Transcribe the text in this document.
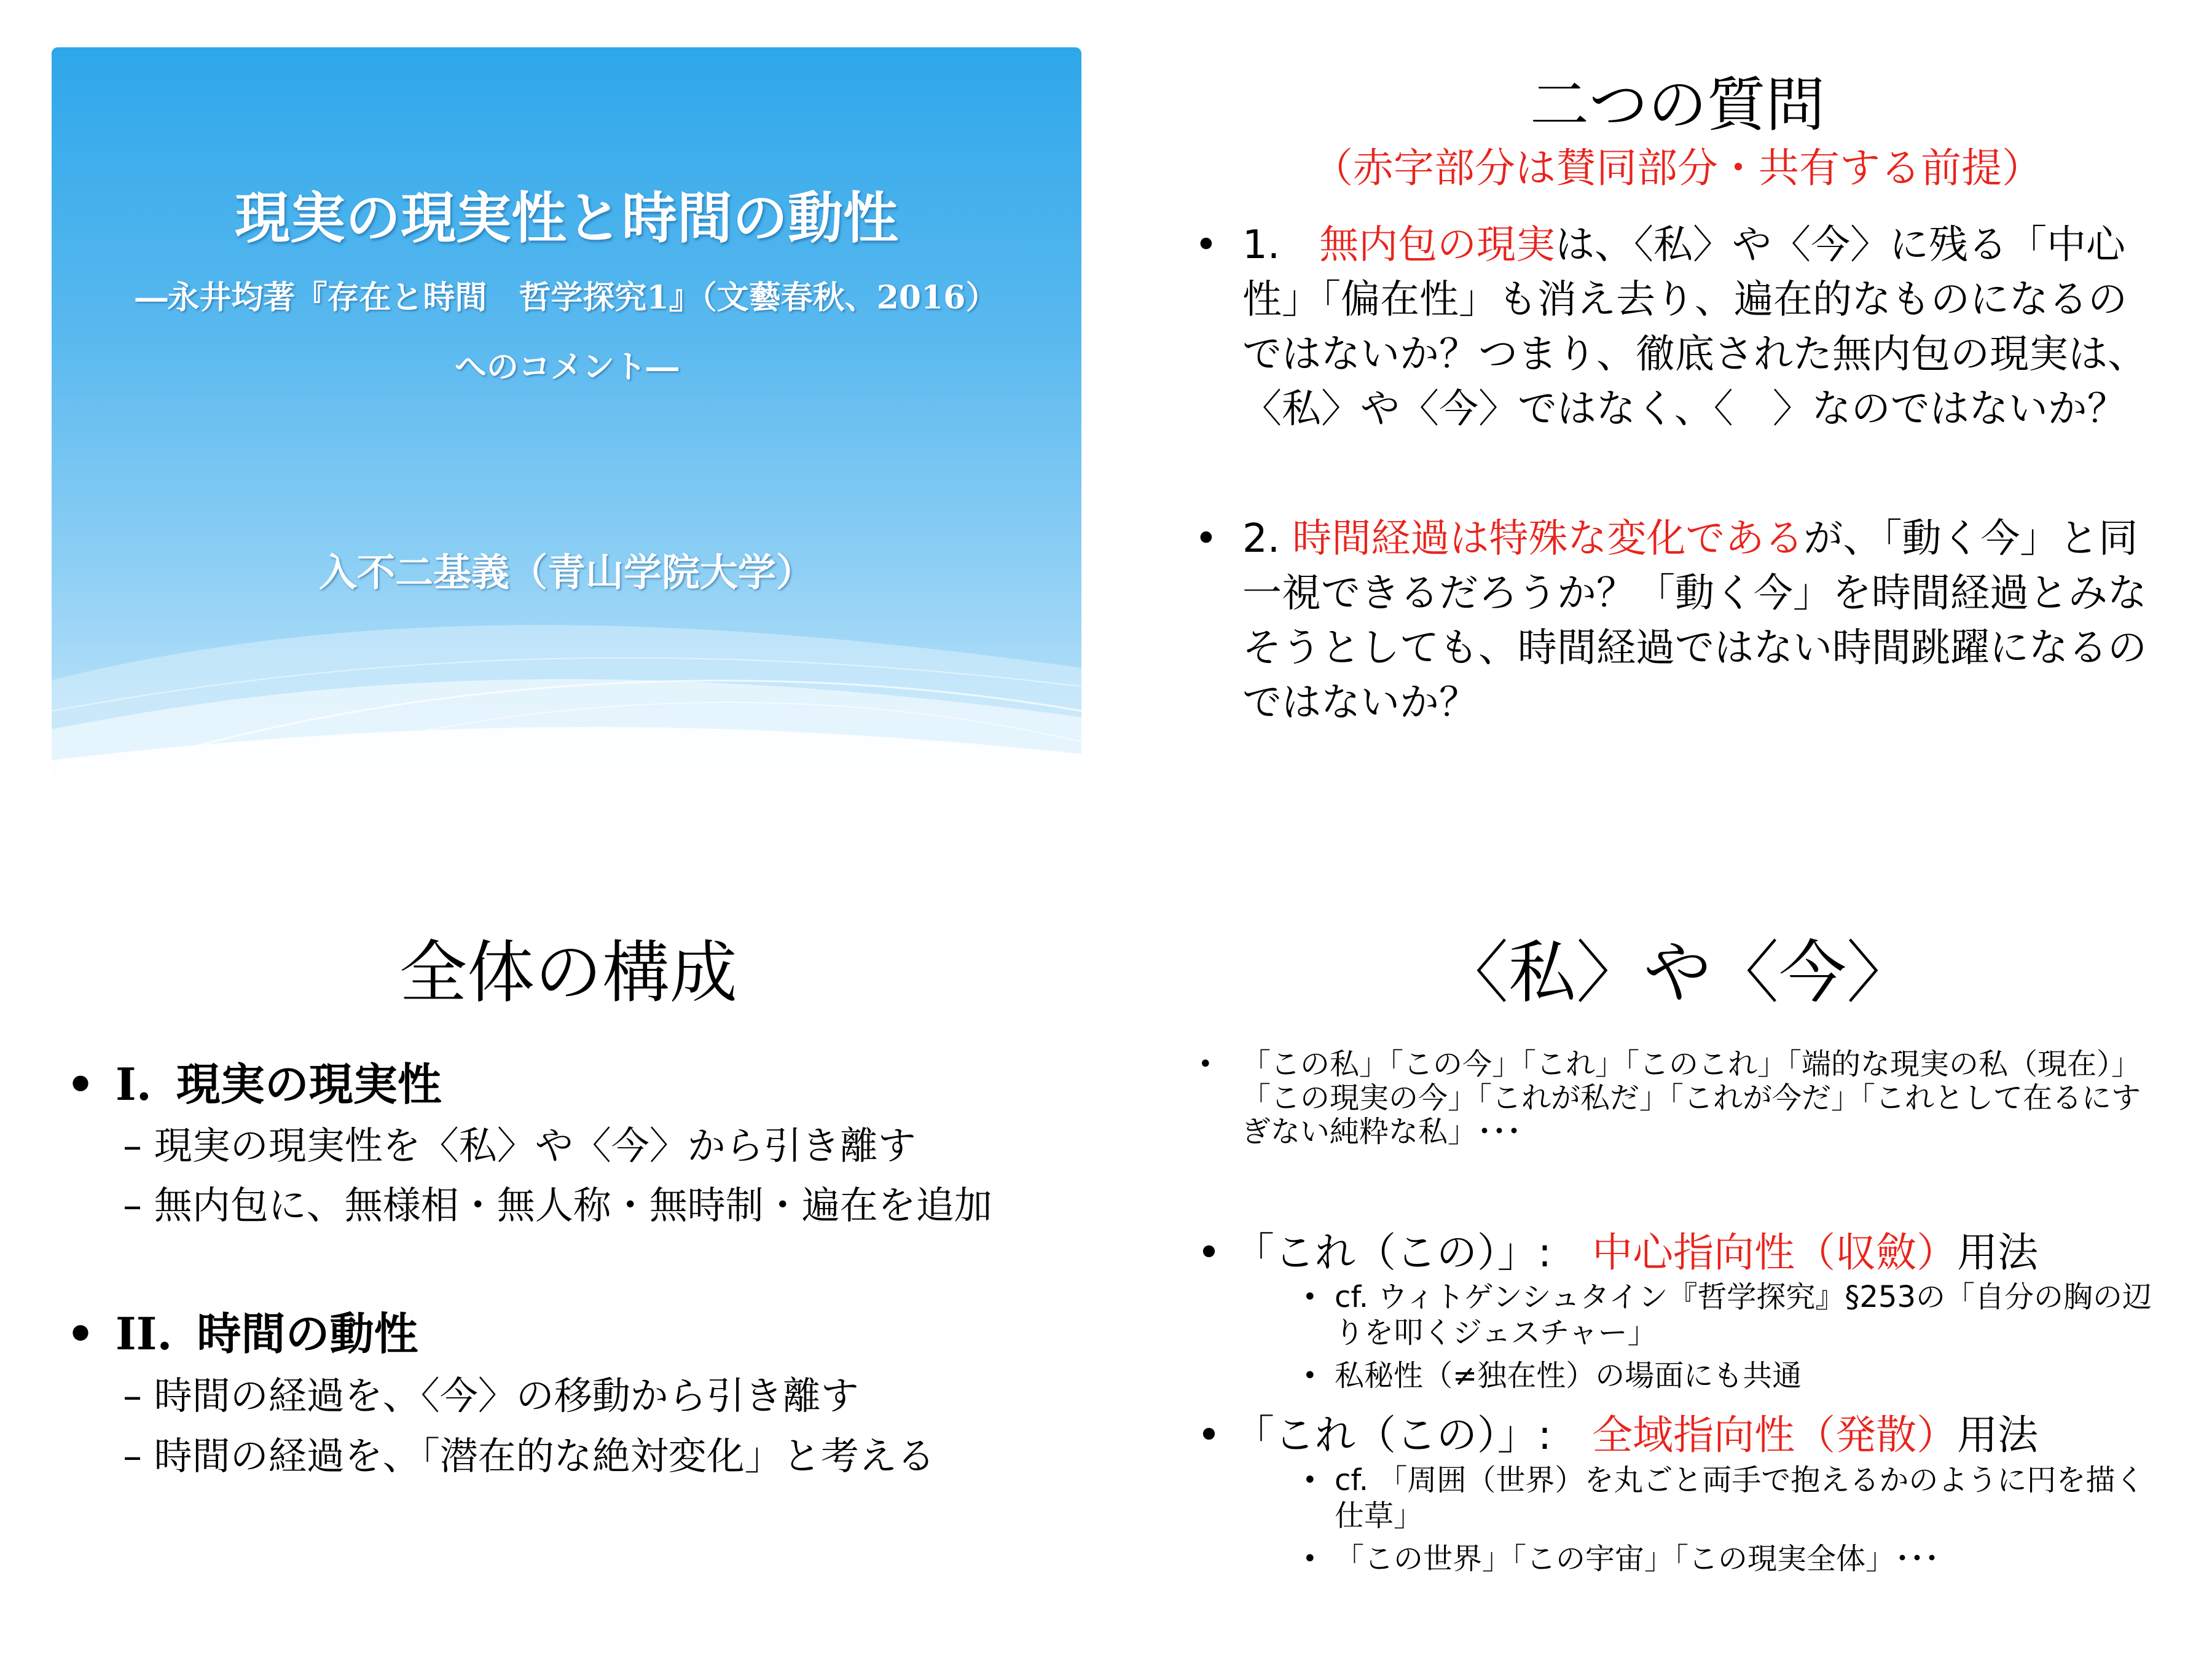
現実の現実性と時間の動性
―永井均著『存在と時間　哲学探究1』（文藝春秋、2016）
へのコメント―
入不二基義（青山学院大学）
二つの質問
（赤字部分は賛同部分・共有する前提）
• 1.　無内包の現実は、〈私〉や〈今〉に残る「中心性」「偏在性」も消え去り、遍在的なものになるのではないか？つまり、徹底された無内包の現実は、〈私〉や〈今〉ではなく、〈　〉なのではないか？
• 2. 時間経過は特殊な変化であるが、「動く今」と同一視できるだろうか？「動く今」を時間経過とみなそうとしても、時間経過ではない時間跳躍になるのではないか？
全体の構成
• I. 現実の現実性
– 現実の現実性を〈私〉や〈今〉から引き離す
– 無内包に、無様相・無人称・無時制・遍在を追加
• II. 時間の動性
– 時間の経過を、〈今〉の移動から引き離す
– 時間の経過を、「潜在的な絶対変化」と考える
〈私〉や〈今〉
• 「この私」「この今」「これ」「このこれ」「端的な現実の私（現在）」「この現実の今」「これが私だ」「これが今だ」「これとして在るにすぎない純粋な私」･･･
• 「これ（この）」:　中心指向性（収斂）用法
• cf. ウィトゲンシュタイン『哲学探究』§253の「自分の胸の辺りを叩くジェスチャー」
• 私秘性（≠独在性）の場面にも共通
• 「これ（この）」:　全域指向性（発散）用法
• cf. 「周囲（世界）を丸ごと両手で抱えるかのように円を描く仕草」
• 「この世界」「この宇宙」「この現実全体」･･･
